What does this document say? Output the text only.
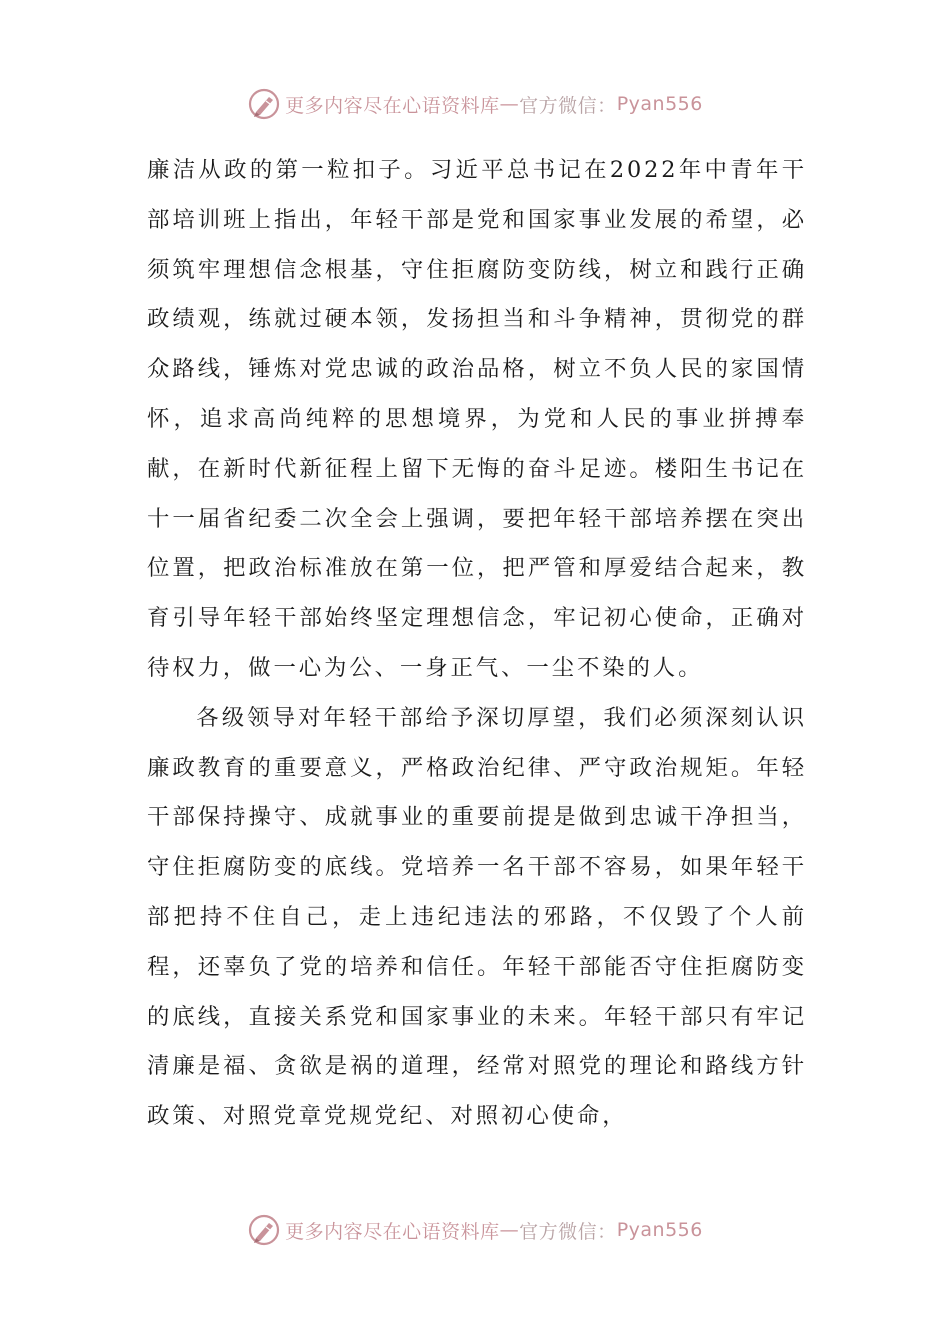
更多内容尽在心语资料库 — 官方微信： Pyan556

廉洁从政的第一粒扣子。习近平总书记在2022年中青年干部培训班上指出，年轻干部是党和国家事业发展的希望，必须筑牢理想信念根基，守住拒腐防变防线，树立和践行正确政绩观，练就过硬本领，发扬担当和斗争精神，贯彻党的群众路线，锤炼对党忠诚的政治品格，树立不负人民的家国情怀，追求高尚纯粹的思想境界，为党和人民的事业拼搏奉献，在新时代新征程上留下无悔的奋斗足迹。楼阳生书记在十一届省纪委二次全会上强调，要把年轻干部培养摆在突出位置，把政治标准放在第一位，把严管和厚爱结合起来，教育引导年轻干部始终坚定理想信念，牢记初心使命，正确对待权力，做一心为公、一身正气、一尘不染的人。

各级领导对年轻干部给予深切厚望，我们必须深刻认识廉政教育的重要意义，严格政治纪律、严守政治规矩。年轻干部保持操守、成就事业的重要前提是做到忠诚干净担当，守住拒腐防变的底线。党培养一名干部不容易，如果年轻干部把持不住自己，走上违纪违法的邪路，不仅毁了个人前程，还辜负了党的培养和信任。年轻干部能否守住拒腐防变的底线，直接关系党和国家事业的未来。年轻干部只有牢记清廉是福、贪欲是祸的道理，经常对照党的理论和路线方针政策、对照党章党规党纪、对照初心使命，

更多内容尽在心语资料库 — 官方微信： Pyan556
